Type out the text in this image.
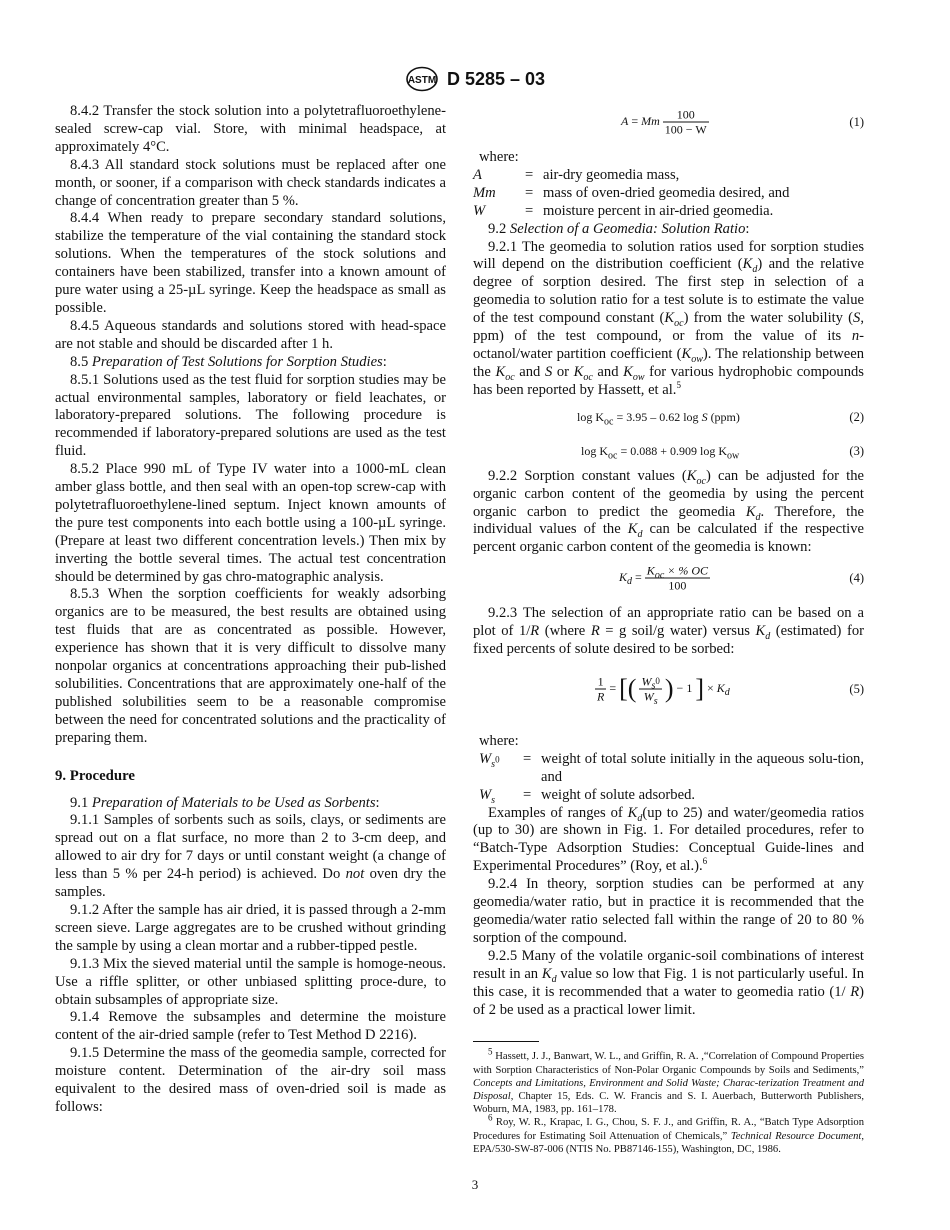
ASTM D 5285 – 03

8.4.2 Transfer the stock solution into a polytetrafluoroethylene-sealed screw-cap vial. Store, with minimal headspace, at approximately 4°C.

8.4.3 All standard stock solutions must be replaced after one month, or sooner, if a comparison with check standards indicates a change of concentration greater than 5 %.

8.4.4 When ready to prepare secondary standard solutions, stabilize the temperature of the vial containing the standard stock solutions. When the temperatures of the stock solutions and containers have been stabilized, transfer into a known amount of pure water using a 25-µL syringe. Keep the headspace as small as possible.

8.4.5 Aqueous standards and solutions stored with head-space are not stable and should be discarded after 1 h.

8.5 Preparation of Test Solutions for Sorption Studies:

8.5.1 Solutions used as the test fluid for sorption studies may be actual environmental samples, laboratory or field leachates, or laboratory-prepared solutions. The following procedure is recommended if laboratory-prepared solutions are used as the test fluid.

8.5.2 Place 990 mL of Type IV water into a 1000-mL clean amber glass bottle, and then seal with an open-top screw-cap with polytetrafluoroethylene-lined septum. Inject known amounts of the pure test components into each bottle using a 100-µL syringe. (Prepare at least two different concentration levels.) Then mix by inverting the bottle several times. The actual test concentration should be determined by gas chro-matographic analysis.

8.5.3 When the sorption coefficients for weakly adsorbing organics are to be measured, the best results are obtained using test fluids that are as concentrated as possible. However, experience has shown that it is very difficult to dissolve many nonpolar organics at concentrations approaching their pub-lished solubilities. Concentrations that are approximately one-half of the published solubilities seem to be a reasonable compromise between the need for concentrated solutions and the practicality of preparing them.

9. Procedure

9.1 Preparation of Materials to be Used as Sorbents:

9.1.1 Samples of sorbents such as soils, clays, or sediments are spread out on a flat surface, no more than 2 to 3-cm deep, and allowed to air dry for 7 days or until constant weight (a change of less than 5 % per 24-h period) is achieved. Do not oven dry the samples.

9.1.2 After the sample has air dried, it is passed through a 2-mm screen sieve. Large aggregates are to be crushed without grinding the sample by using a clean mortar and a rubber-tipped pestle.

9.1.3 Mix the sieved material until the sample is homoge-neous. Use a riffle splitter, or other unbiased splitting proce-dure, to obtain subsamples of appropriate size.

9.1.4 Remove the subsamples and determine the moisture content of the air-dried sample (refer to Test Method D 2216).

9.1.5 Determine the mass of the geomedia sample, corrected for moisture content. Determination of the air-dry soil mass equivalent to the desired mass of oven-dried soil is made as follows:

A = Mm $\frac{100}{100 - W}$	(1)

where:

A	=	air-dry geomedia mass,
Mm	=	mass of oven-dried geomedia desired, and
W	=	moisture percent in air-dried geomedia.

9.2 Selection of a Geomedia: Solution Ratio:

9.2.1 The geomedia to solution ratios used for sorption studies will depend on the distribution coefficient $(K_d)$ and the relative degree of sorption desired. The first step in selection of a geomedia to solution ratio for a test solute is to estimate the value of the test compound constant $(K_{oc})$ from the water solubility (S, ppm) of the test compound, or from the value of its n-octanol/water partition coefficient $(K_{ow})$. The relationship between the $K_{oc}$ and S or $K_{oc}$ and $K_{ow}$ for various hydrophobic compounds has been reported by Hassett, et al.$^5$

$\log K_{oc} = 3.95 - 0.62$ log S (ppm)	(2)
$\log K_{oc} = 0.088 + 0.909$ $\log K_{ow}$	(3)

9.2.2 Sorption constant values $(K_{oc})$ can be adjusted for the organic carbon content of the geomedia by using the percent organic carbon to predict the geomedia $K_d$. Therefore, the individual values of the $K_d$ can be calculated if the respective percent organic carbon content of the geomedia is known:

$K_d = \frac{K_{oc} \times \% OC}{100}$	(4)

9.2.3 The selection of an appropriate ratio can be based on a plot of 1/R (where R = g soil/g water) versus $K_d$ (estimated) for fixed percents of solute desired to be sorbed:

$\frac{1}{R}$ = [( $\frac{W_{s^0}}{W_s}$ ) − 1 ] × $K_d$	(5)

where:

$W_{s^0}$	=	weight of total solute initially in the aqueous solu-tion, and
$W_s$	=	weight of solute adsorbed.

Examples of ranges of $K_d(up$ to 25) and water/geomedia ratios (up to 30) are shown in Fig. 1. For detailed procedures, refer to “Batch-Type Adsorption Studies: Conceptual Guide-lines and Experimental Procedures” (Roy, et al.).$^6$

9.2.4 In theory, sorption studies can be performed at any geomedia/water ratio, but in practice it is recommended that the geomedia/water ratio selected fall within the range of 20 to 80 % sorption of the compound.

9.2.5 Many of the volatile organic-soil combinations of interest result in an $K_d$ value so low that Fig. 1 is not particularly useful. In this case, it is recommended that a water to geomedia ratio (1/ R) of 2 be used as a practical lower limit.

$^5$ Hassett, J. J., Banwart, W. L., and Griffin, R. A. ,“Correlation of Compound Properties with Sorption Characteristics of Non-Polar Organic Compounds by Soils and Sediments,” Concepts and Limitations, Environment and Solid Waste; Charac-terization Treatment and Disposal, Chapter 15, Eds. C. W. Francis and S. I. Auerbach, Butterworth Publishers, Woburn, MA, 1983, pp. 161–178.

$^6$ Roy, W. R., Krapac, I. G., Chou, S. F. J., and Griffin, R. A., “Batch Type Adsorption Procedures for Estimating Soil Attenuation of Chemicals,” Technical Resource Document, EPA/530-SW-87-006 (NTIS No. PB87146-155), Washington, DC, 1986.

3
